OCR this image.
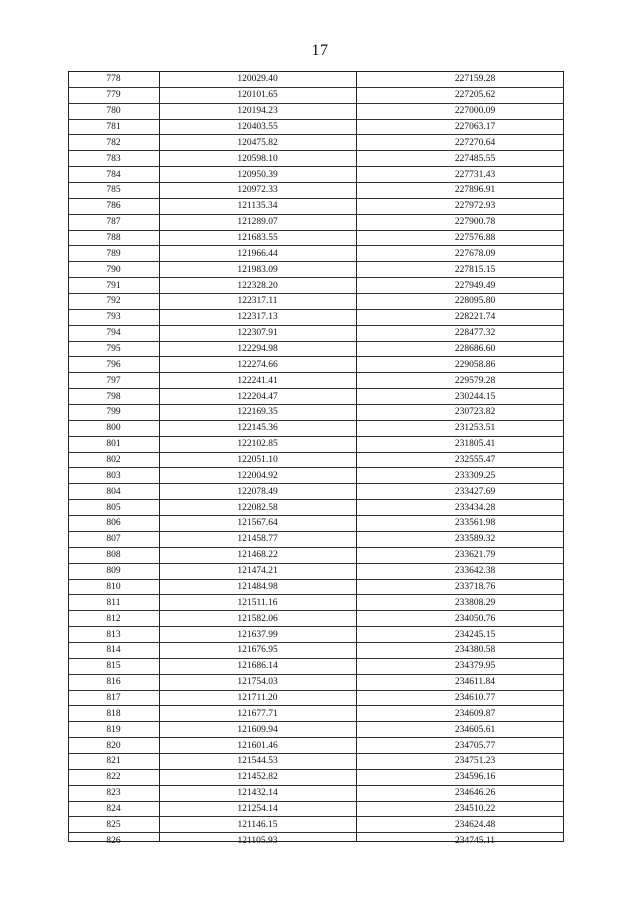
17
778	120029.40	227159.28
779	120101.65	227205.62
780	120194.23	227000.09
781	120403.55	227063.17
782	120475.82	227270.64
783	120598.10	227485.55
784	120950.39	227731.43
785	120972.33	227896.91
786	121135.34	227972.93
787	121289.07	227900.78
788	121683.55	227576.88
789	121966.44	227678.09
790	121983.09	227815.15
791	122328.20	227949.49
792	122317.11	228095.80
793	122317.13	228221.74
794	122307.91	228477.32
795	122294.98	228686.60
796	122274.66	229058.86
797	122241.41	229579.28
798	122204.47	230244.15
799	122169.35	230723.82
800	122145.36	231253.51
801	122102.85	231805.41
802	122051.10	232555.47
803	122004.92	233309.25
804	122078.49	233427.69
805	122082.58	233434.28
806	121567.64	233561.98
807	121458.77	233589.32
808	121468.22	233621.79
809	121474.21	233642.38
810	121484.98	233718.76
811	121511.16	233808.29
812	121582.06	234050.76
813	121637.99	234245.15
814	121676.95	234380.58
815	121686.14	234379.95
816	121754.03	234611.84
817	121711.20	234610.77
818	121677.71	234609.87
819	121609.94	234605.61
820	121601.46	234705.77
821	121544.53	234751.23
822	121452.82	234596.16
823	121432.14	234646.26
824	121254.14	234510.22
825	121146.15	234624.48
826	121105.93	234745.11
